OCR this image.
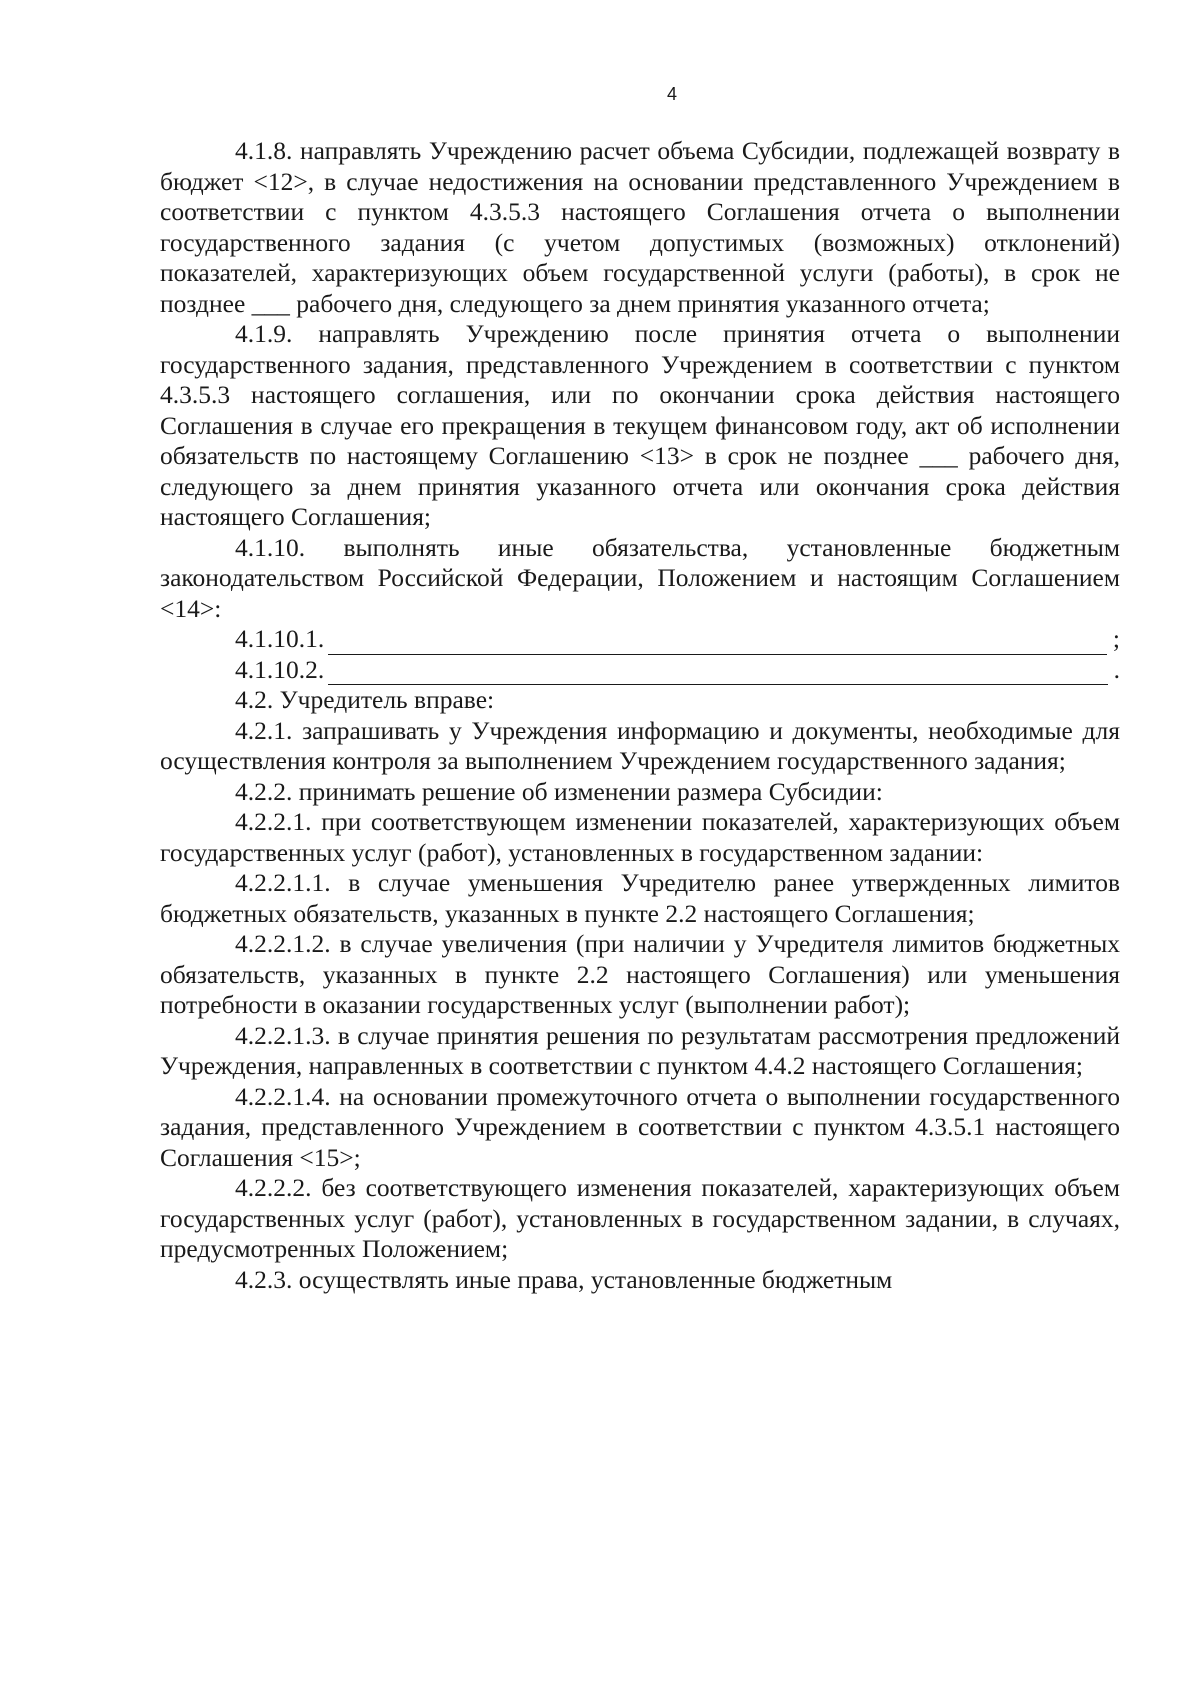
4

4.1.8. направлять Учреждению расчет объема Субсидии, подлежащей возврату в бюджет <12>, в случае недостижения на основании представленного Учреждением в соответствии с пунктом 4.3.5.3 настоящего Соглашения отчета о выполнении государственного задания (с учетом допустимых (возможных) отклонений) показателей, характеризующих объем государственной услуги (работы), в срок не позднее ___ рабочего дня, следующего за днем принятия указанного отчета;

4.1.9. направлять Учреждению после принятия отчета о выполнении государственного задания, представленного Учреждением в соответствии с пунктом 4.3.5.3 настоящего соглашения, или по окончании срока действия настоящего Соглашения в случае его прекращения в текущем финансовом году, акт об исполнении обязательств по настоящему Соглашению <13> в срок не позднее ___ рабочего дня, следующего за днем принятия указанного отчета или окончания срока действия настоящего Соглашения;

4.1.10. выполнять иные обязательства, установленные бюджетным законодательством Российской Федерации, Положением и настоящим Соглашением <14>:

4.1.10.1.	;
4.1.10.2.	.

4.2. Учредитель вправе:

4.2.1. запрашивать у Учреждения информацию и документы, необходимые для осуществления контроля за выполнением Учреждением государственного задания;

4.2.2. принимать решение об изменении размера Субсидии:

4.2.2.1. при соответствующем изменении показателей, характеризующих объем государственных услуг (работ), установленных в государственном задании:

4.2.2.1.1. в случае уменьшения Учредителю ранее утвержденных лимитов бюджетных обязательств, указанных в пункте 2.2 настоящего Соглашения;

4.2.2.1.2. в случае увеличения (при наличии у Учредителя лимитов бюджетных обязательств, указанных в пункте 2.2 настоящего Соглашения) или уменьшения потребности в оказании государственных услуг (выполнении работ);

4.2.2.1.3. в случае принятия решения по результатам рассмотрения предложений Учреждения, направленных в соответствии с пунктом 4.4.2 настоящего Соглашения;

4.2.2.1.4. на основании промежуточного отчета о выполнении государственного задания, представленного Учреждением в соответствии с пунктом 4.3.5.1 настоящего Соглашения <15>;

4.2.2.2. без соответствующего изменения показателей, характеризующих объем государственных услуг (работ), установленных в государственном задании, в случаях, предусмотренных Положением;

4.2.3. осуществлять иные права, установленные бюджетным
